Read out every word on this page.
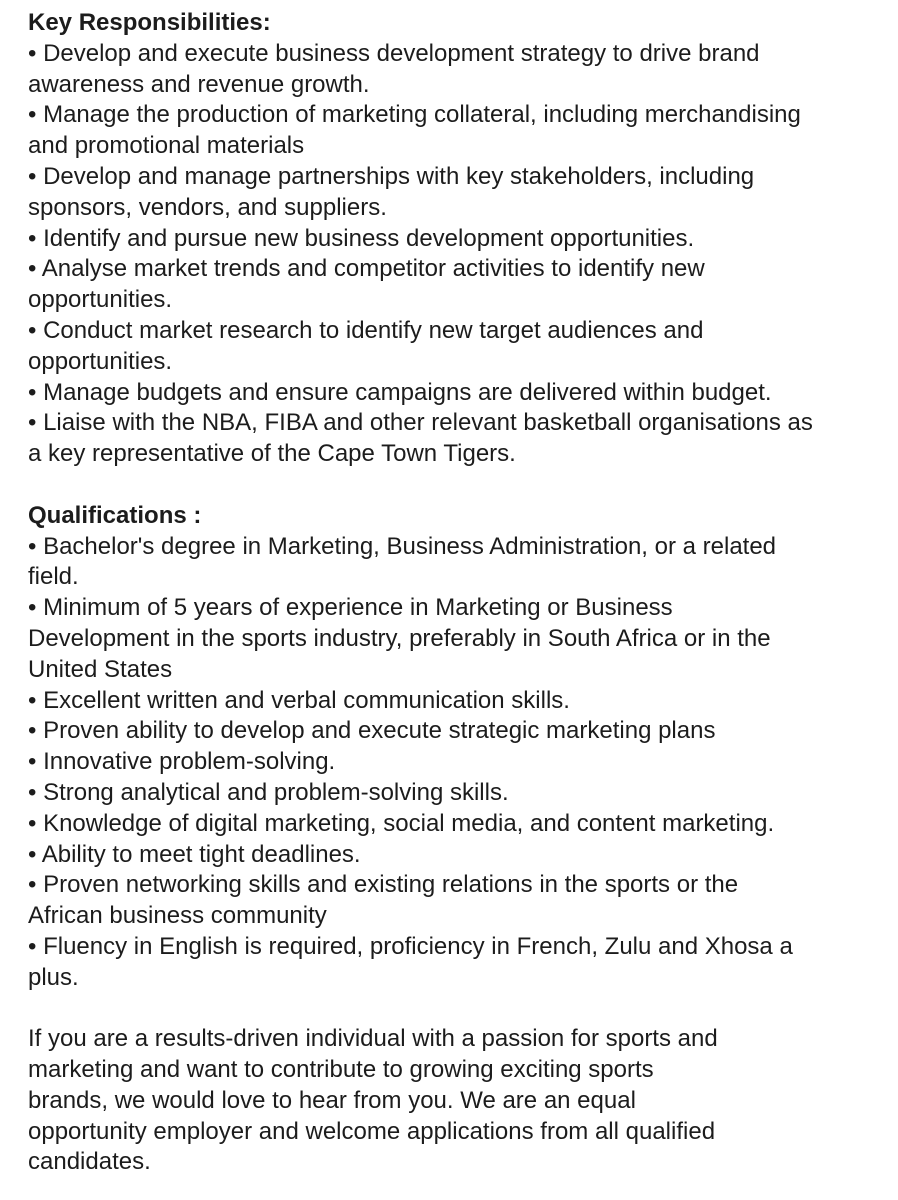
Key Responsibilities:

• Develop and execute business development strategy to drive brand

awareness and revenue growth.

• Manage the production of marketing collateral, including merchandising

and promotional materials

• Develop and manage partnerships with key stakeholders, including

sponsors, vendors, and suppliers.

• Identify and pursue new business development opportunities.

• Analyse market trends and competitor activities to identify new

opportunities.

• Conduct market research to identify new target audiences and

opportunities.

• Manage budgets and ensure campaigns are delivered within budget.

• Liaise with the NBA, FIBA and other relevant basketball organisations as

a key representative of the Cape Town Tigers.

Qualifications :

• Bachelor's degree in Marketing, Business Administration, or a related

field.

• Minimum of 5 years of experience in Marketing or Business

Development in the sports industry, preferably in South Africa or in the

United States

• Excellent written and verbal communication skills.

• Proven ability to develop and execute strategic marketing plans

• Innovative problem-solving.

• Strong analytical and problem-solving skills.

• Knowledge of digital marketing, social media, and content marketing.

• Ability to meet tight deadlines.

• Proven networking skills and existing relations in the sports or the

African business community

• Fluency in English is required, proficiency in French, Zulu and Xhosa a

plus.

If you are a results-driven individual with a passion for sports and

marketing and want to contribute to growing exciting sports

brands, we would love to hear from you. We are an equal

opportunity employer and welcome applications from all qualified

candidates.
